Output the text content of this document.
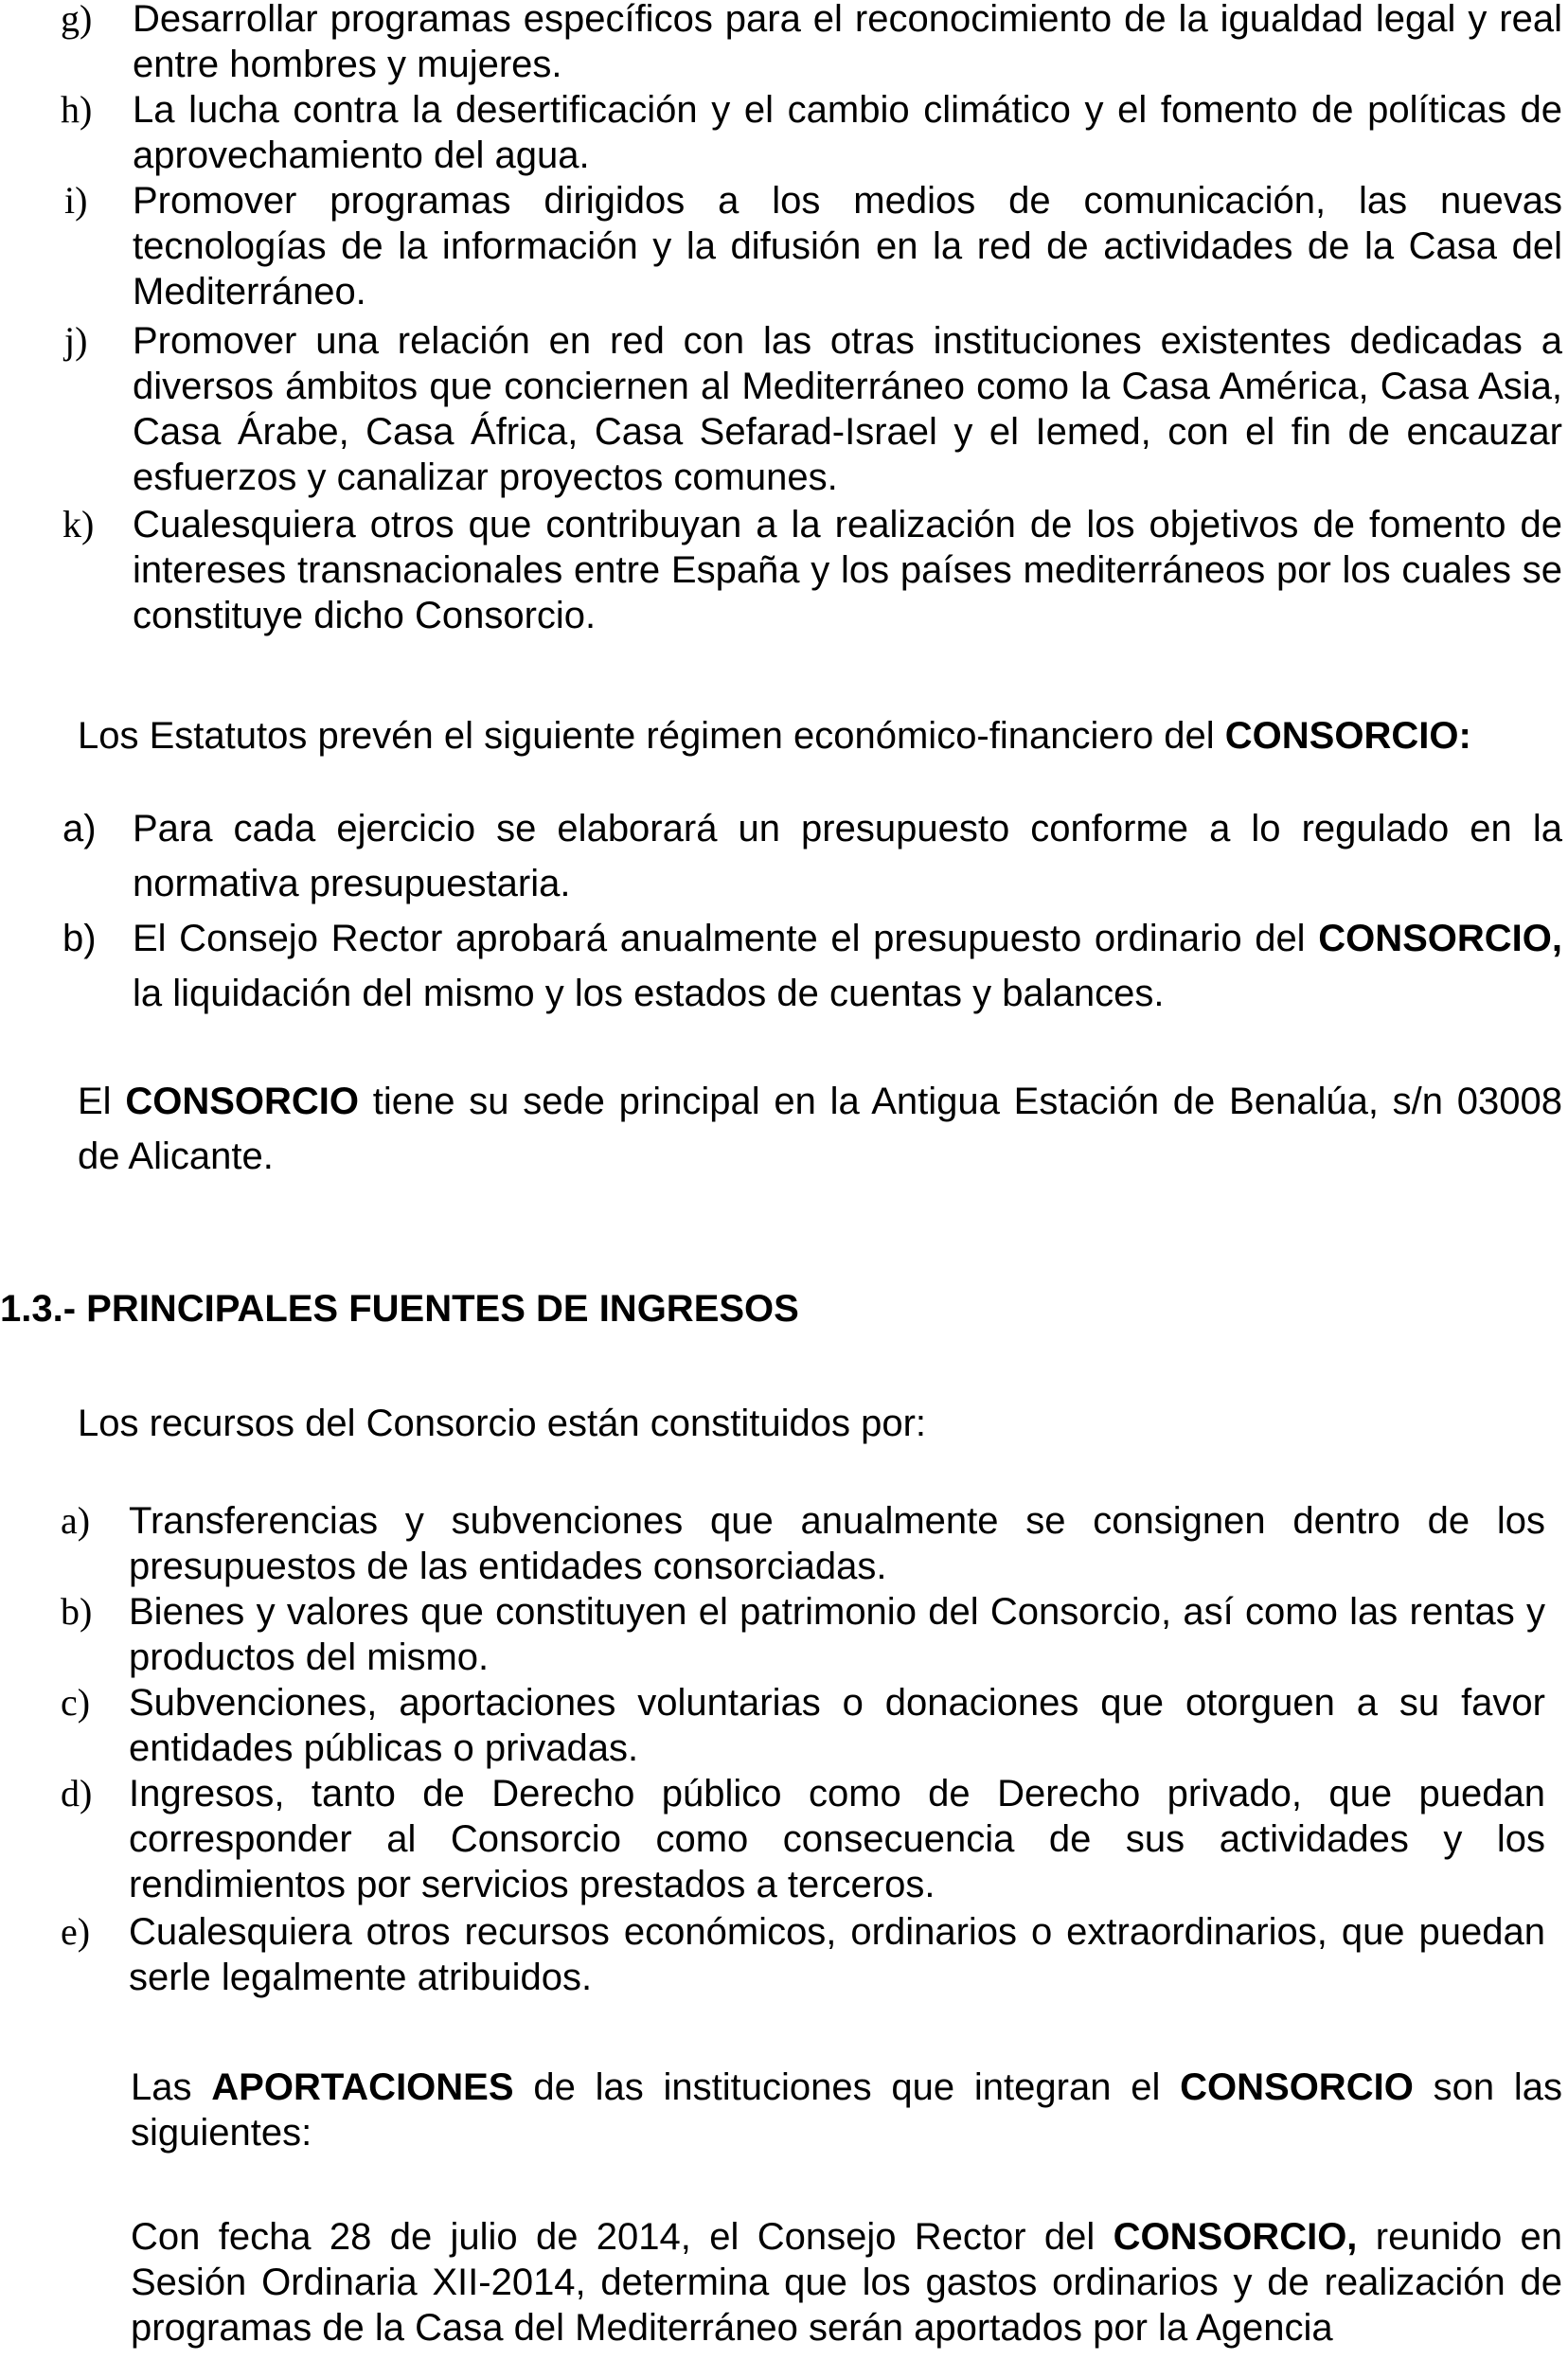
g) Desarrollar programas específicos para el reconocimiento de la igualdad legal y real entre hombres y mujeres.
h) La lucha contra la desertificación y el cambio climático y el fomento de políticas de aprovechamiento del agua.
i) Promover programas dirigidos a los medios de comunicación, las nuevas tecnologías de la información y la difusión en la red de actividades de la Casa del Mediterráneo.
j) Promover una relación en red con las otras instituciones existentes dedicadas a diversos ámbitos que conciernen al Mediterráneo como la Casa América, Casa Asia, Casa Árabe, Casa África, Casa Sefarad-Israel y el Iemed, con el fin de encauzar esfuerzos y canalizar proyectos comunes.
k) Cualesquiera otros que contribuyan a la realización de los objetivos de fomento de intereses transnacionales entre España y los países mediterráneos por los cuales se constituye dicho Consorcio.
Los Estatutos prevén el siguiente régimen económico-financiero del CONSORCIO:
a) Para cada ejercicio se elaborará un presupuesto conforme a lo regulado en la normativa presupuestaria.
b) El Consejo Rector aprobará anualmente el presupuesto ordinario del CONSORCIO, la liquidación del mismo y los estados de cuentas y balances.
El CONSORCIO tiene su sede principal en la Antigua Estación de Benalúa, s/n 03008 de Alicante.
1.3.- PRINCIPALES FUENTES DE INGRESOS
Los recursos del Consorcio están constituidos por:
a) Transferencias y subvenciones que anualmente se consignen dentro de los presupuestos de las entidades consorciadas.
b) Bienes y valores que constituyen el patrimonio del Consorcio, así como las rentas y productos del mismo.
c) Subvenciones, aportaciones voluntarias o donaciones que otorguen a su favor entidades públicas o privadas.
d) Ingresos, tanto de Derecho público como de Derecho privado, que puedan corresponder al Consorcio como consecuencia de sus actividades y los rendimientos por servicios prestados a terceros.
e) Cualesquiera otros recursos económicos, ordinarios o extraordinarios, que puedan serle legalmente atribuidos.
Las APORTACIONES de las instituciones que integran el CONSORCIO son las siguientes:
Con fecha 28 de julio de 2014, el Consejo Rector del CONSORCIO, reunido en Sesión Ordinaria XII-2014, determina que los gastos ordinarios y de realización de programas de la Casa del Mediterráneo serán aportados por la Agencia
